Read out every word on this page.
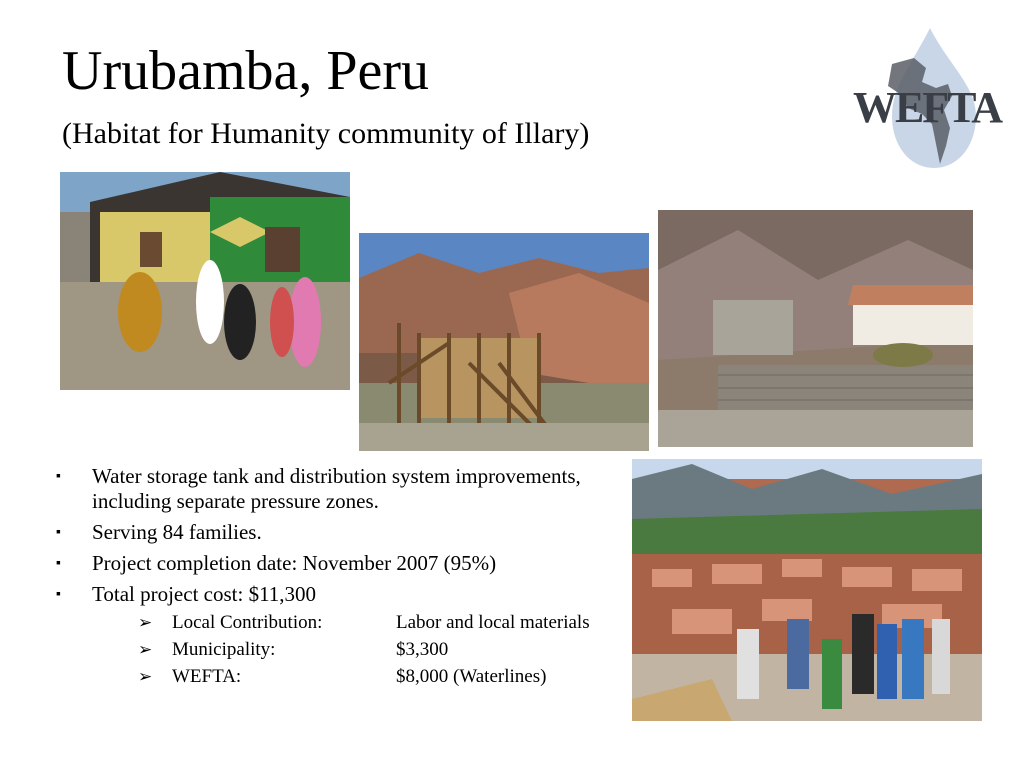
Urubamba, Peru
(Habitat for Humanity community of Illary)
WEFTA
▪ Water storage tank and distribution system improvements, including separate pressure zones.
▪ Serving 84 families.
▪ Project completion date: November 2007 (95%)
▪ Total project cost: $11,300
➢ Local Contribution:	Labor and local materials
➢ Municipality:	$3,300
➢ WEFTA:	$8,000 (Waterlines)
